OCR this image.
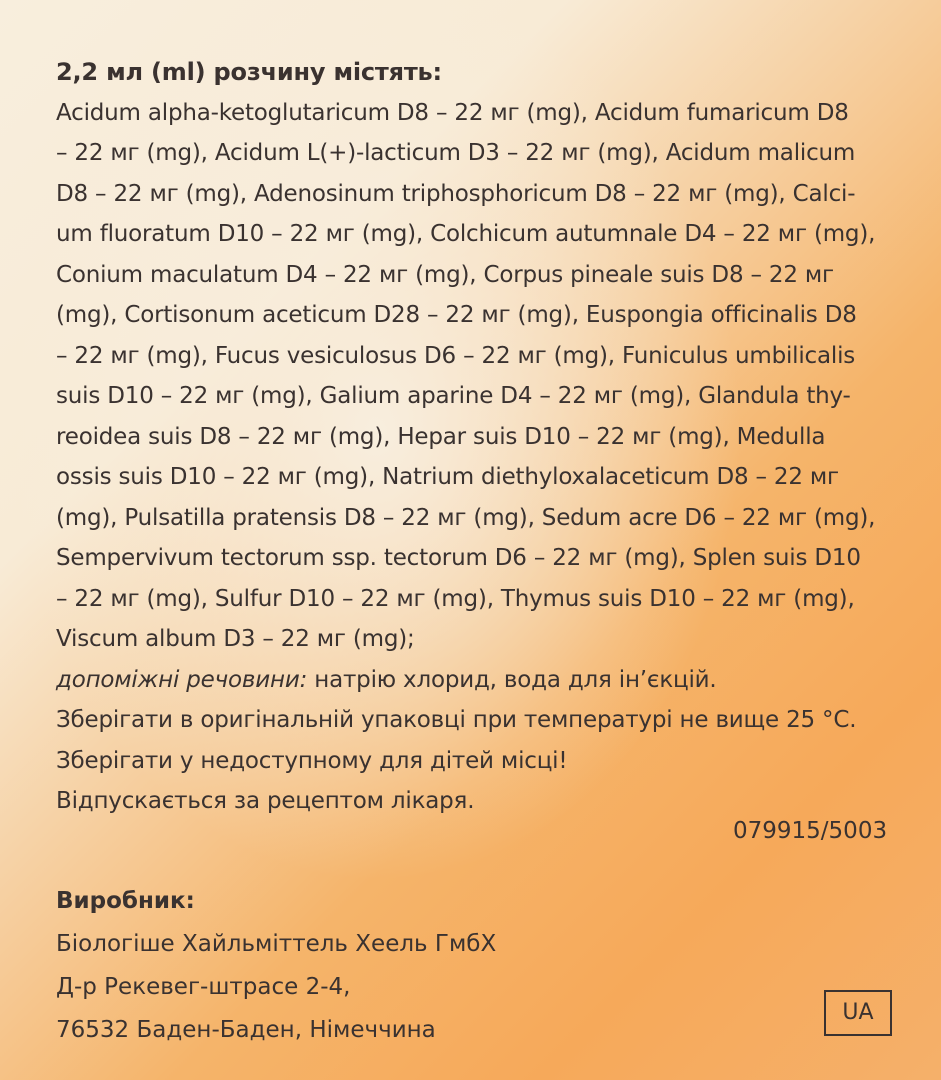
2,2 мл (ml) розчину містять:
Acidum alpha-ketoglutaricum D8 – 22 мг (mg), Acidum fumaricum D8
– 22 мг (mg), Acidum L(+)-lacticum D3 – 22 мг (mg), Acidum malicum
D8 – 22 мг (mg), Adenosinum triphosphoricum D8 – 22 мг (mg), Calci-
um fluoratum D10 – 22 мг (mg), Colchicum autumnale D4 – 22 мг (mg),
Conium maculatum D4 – 22 мг (mg), Corpus pineale suis D8 – 22 мг
(mg), Cortisonum aceticum D28 – 22 мг (mg), Euspongia officinalis D8
– 22 мг (mg), Fucus vesiculosus D6 – 22 мг (mg), Funiculus umbilicalis
suis D10 – 22 мг (mg), Galium aparine D4 – 22 мг (mg), Glandula thy-
reoidea suis D8 – 22 мг (mg), Hepar suis D10 – 22 мг (mg), Medulla
ossis suis D10 – 22 мг (mg), Natrium diethyloxalaceticum D8 – 22 мг
(mg), Pulsatilla pratensis D8 – 22 мг (mg), Sedum acre D6 – 22 мг (mg),
Sempervivum tectorum ssp. tectorum D6 – 22 мг (mg), Splen suis D10
– 22 мг (mg), Sulfur D10 – 22 мг (mg), Thymus suis D10 – 22 мг (mg),
Viscum album D3 – 22 мг (mg);
допоміжні речовини: натрію хлорид, вода для ін’єкцій.
Зберігати в оригінальній упаковці при температурі не вище 25 °C.
Зберігати у недоступному для дітей місці!
Відпускається за рецептом лікаря.
079915/5003
Виробник:
Біологіше Хайльміттель Хеель ГмбХ
Д-р Рекевег-штрасе 2-4,
76532 Баден-Баден, Німеччина
UA
